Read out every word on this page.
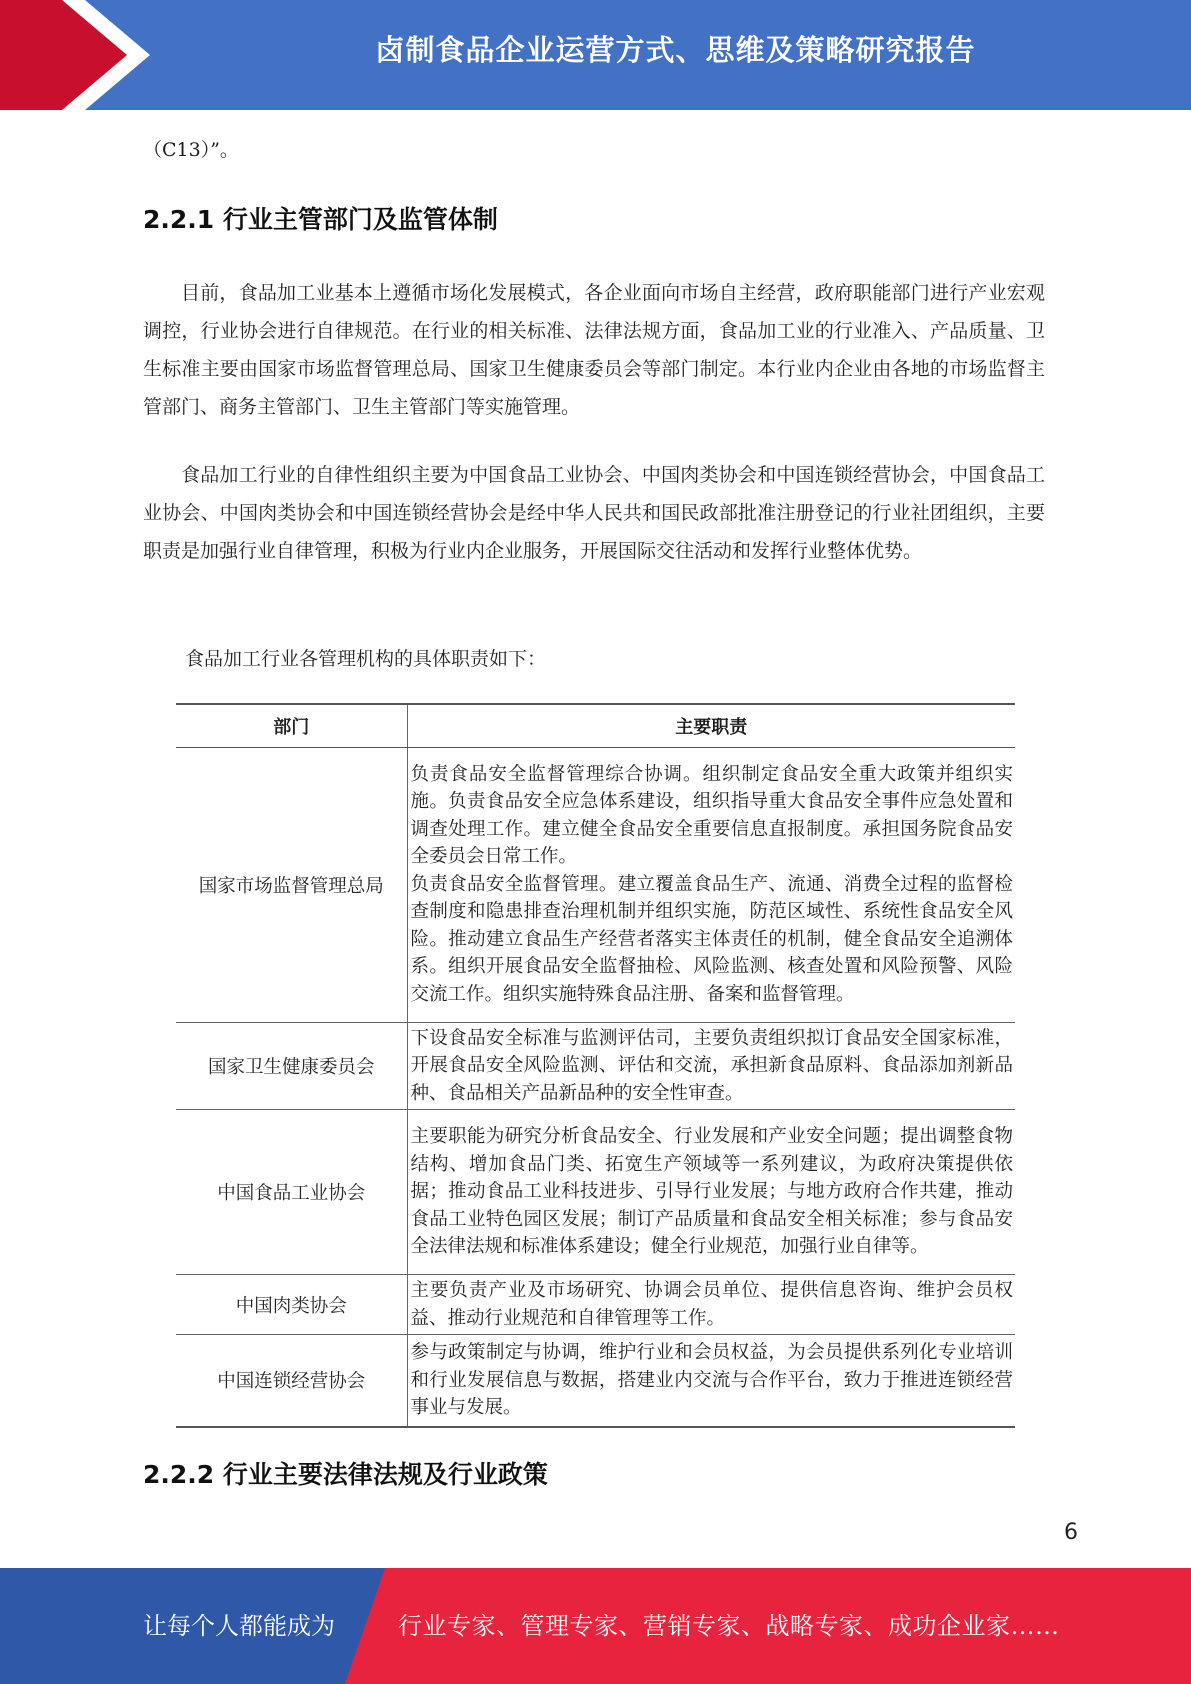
卤制食品企业运营方式、思维及策略研究报告
（C13）”。
2.2.1 行业主管部门及监管体制
目前，食品加工业基本上遵循市场化发展模式，各企业面向市场自主经营，政府职能部门进行产业宏观调控，行业协会进行自律规范。在行业的相关标准、法律法规方面，食品加工业的行业准入、产品质量、卫生标准主要由国家市场监督管理总局、国家卫生健康委员会等部门制定。本行业内企业由各地的市场监督主管部门、商务主管部门、卫生主管部门等实施管理。
食品加工行业的自律性组织主要为中国食品工业协会、中国肉类协会和中国连锁经营协会，中国食品工业协会、中国肉类协会和中国连锁经营协会是经中华人民共和国民政部批准注册登记的行业社团组织，主要职责是加强行业自律管理，积极为行业内企业服务，开展国际交往活动和发挥行业整体优势。
食品加工行业各管理机构的具体职责如下：
部门	主要职责
国家市场监督管理总局	负责食品安全监督管理综合协调。组织制定食品安全重大政策并组织实施。负责食品安全应急体系建设，组织指导重大食品安全事件应急处置和调查处理工作。建立健全食品安全重要信息直报制度。承担国务院食品安全委员会日常工作。
负责食品安全监督管理。建立覆盖食品生产、流通、消费全过程的监督检查制度和隐患排查治理机制并组织实施，防范区域性、系统性食品安全风险。推动建立食品生产经营者落实主体责任的机制，健全食品安全追溯体系。组织开展食品安全监督抽检、风险监测、核查处置和风险预警、风险交流工作。组织实施特殊食品注册、备案和监督管理。
国家卫生健康委员会	下设食品安全标准与监测评估司，主要负责组织拟订食品安全国家标准，开展食品安全风险监测、评估和交流，承担新食品原料、食品添加剂新品种、食品相关产品新品种的安全性审查。
中国食品工业协会	主要职能为研究分析食品安全、行业发展和产业安全问题；提出调整食物结构、增加食品门类、拓宽生产领域等一系列建议，为政府决策提供依据；推动食品工业科技进步、引导行业发展；与地方政府合作共建，推动食品工业特色园区发展；制订产品质量和食品安全相关标准；参与食品安全法律法规和标准体系建设；健全行业规范，加强行业自律等。
中国肉类协会	主要负责产业及市场研究、协调会员单位、提供信息咨询、维护会员权益、推动行业规范和自律管理等工作。
中国连锁经营协会	参与政策制定与协调，维护行业和会员权益，为会员提供系列化专业培训和行业发展信息与数据，搭建业内交流与合作平台，致力于推进连锁经营事业与发展。
2.2.2 行业主要法律法规及行业政策
6
让每个人都能成为	行业专家、管理专家、营销专家、战略专家、成功企业家……
